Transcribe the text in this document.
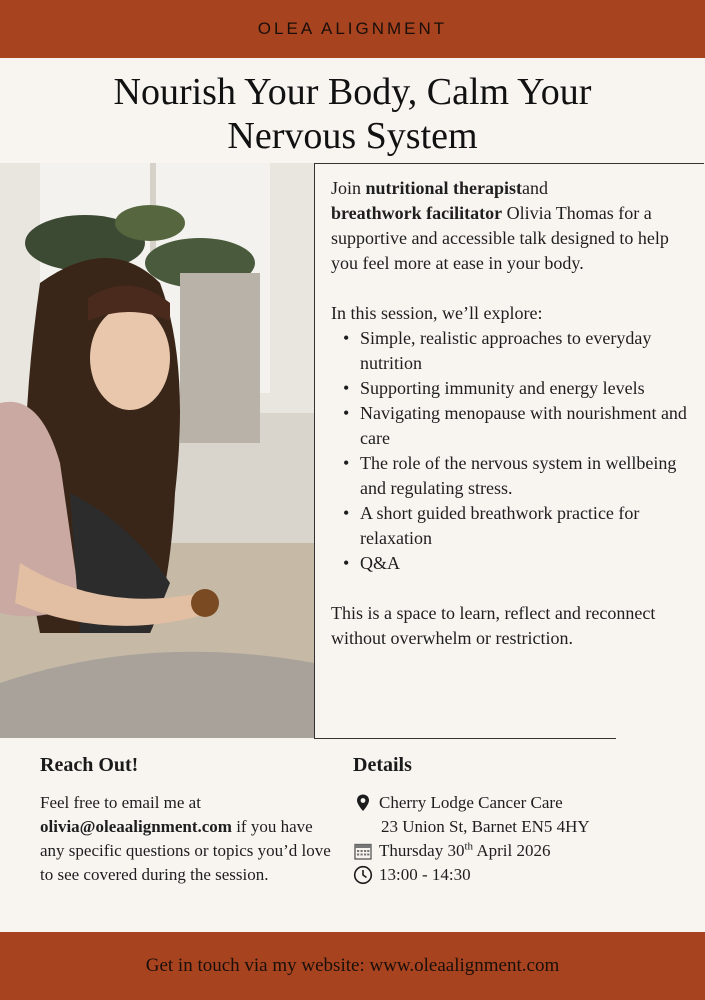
OLEA ALIGNMENT
Nourish Your Body, Calm Your
Nervous System

Join nutritional therapistand
breathwork facilitator Olivia Thomas for a supportive and accessible talk designed to help you feel more at ease in your body.

In this session, we’ll explore:

• Simple, realistic approaches to everyday nutrition
• Supporting immunity and energy levels
• Navigating menopause with nourishment and care
• The role of the nervous system in wellbeing and regulating stress.
• A short guided breathwork practice for relaxation
• Q&A

This is a space to learn, reflect and reconnect without overwhelm or restriction.

Reach Out!	Details
Feel free to email me at olivia@oleaalignment.com if you have any specific questions or topics you’d love to see covered during the session.
Cherry Lodge Cancer Care
23 Union St, Barnet EN5 4HY
Thursday 30th April 2026
13:00 - 14:30
Get in touch via my website: www.oleaalignment.com
